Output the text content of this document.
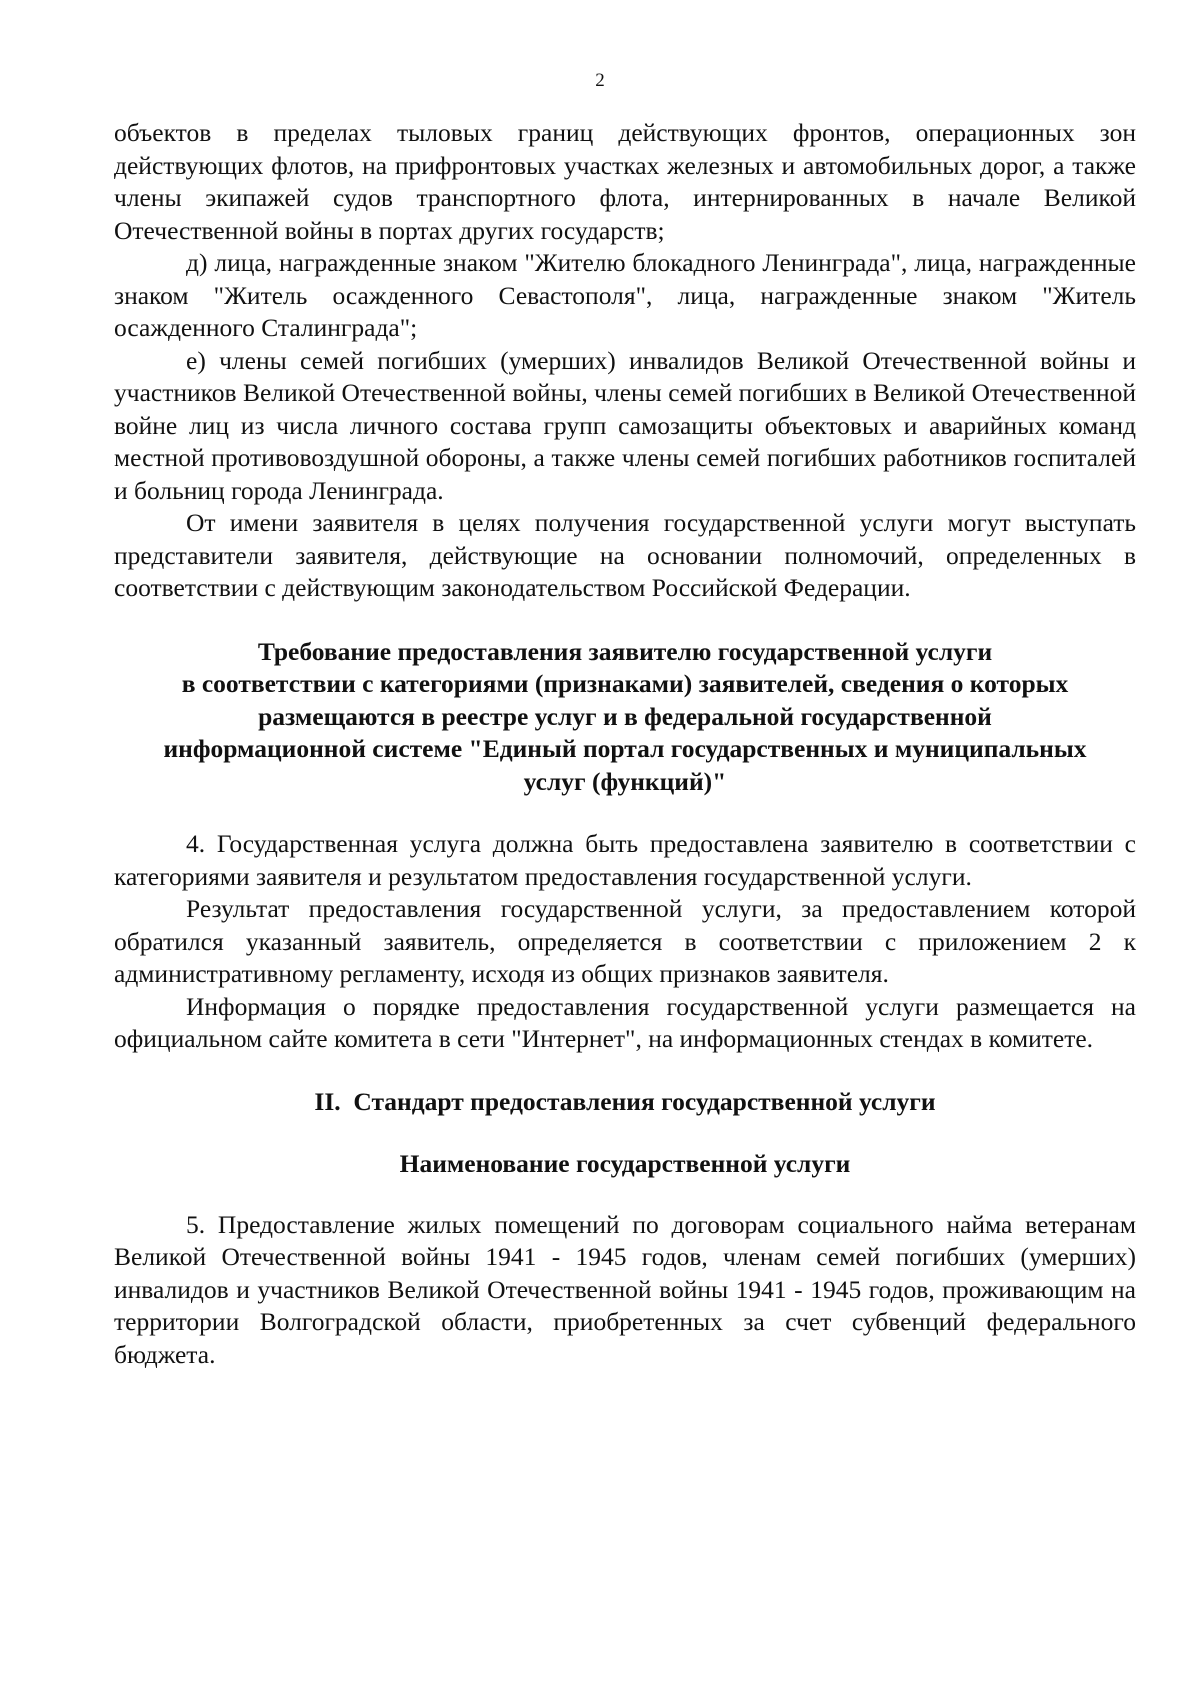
2

объектов в пределах тыловых границ действующих фронтов, операционных зон действующих флотов, на прифронтовых участках железных и автомобильных дорог, а также члены экипажей судов транспортного флота, интернированных в начале Великой Отечественной войны в портах других государств;

д) лица, награжденные знаком "Жителю блокадного Ленинграда", лица, награжденные знаком "Житель осажденного Севастополя", лица, награжденные знаком "Житель осажденного Сталинграда";

е) члены семей погибших (умерших) инвалидов Великой Отечественной войны и участников Великой Отечественной войны, члены семей погибших в Великой Отечественной войне лиц из числа личного состава групп самозащиты объектовых и аварийных команд местной противовоздушной обороны, а также члены семей погибших работников госпиталей и больниц города Ленинграда.

От имени заявителя в целях получения государственной услуги могут выступать представители заявителя, действующие на основании полномочий, определенных в соответствии с действующим законодательством Российской Федерации.

Требование предоставления заявителю государственной услуги
в соответствии с категориями (признаками) заявителей, сведения о которых
размещаются в реестре услуг и в федеральной государственной
информационной системе "Единый портал государственных и муниципальных
услуг (функций)"

4. Государственная услуга должна быть предоставлена заявителю в соответствии с категориями заявителя и результатом предоставления государственной услуги.

Результат предоставления государственной услуги, за предоставлением которой обратился указанный заявитель, определяется в соответствии с приложением 2 к административному регламенту, исходя из общих признаков заявителя.

Информация о порядке предоставления государственной услуги размещается на официальном сайте комитета в сети "Интернет", на информационных стендах в комитете.

II.  Стандарт предоставления государственной услуги
Наименование государственной услуги

5. Предоставление жилых помещений по договорам социального найма ветеранам Великой Отечественной войны 1941 - 1945 годов, членам семей погибших (умерших) инвалидов и участников Великой Отечественной войны 1941 - 1945 годов, проживающим на территории Волгоградской области, приобретенных за счет субвенций федерального бюджета.
